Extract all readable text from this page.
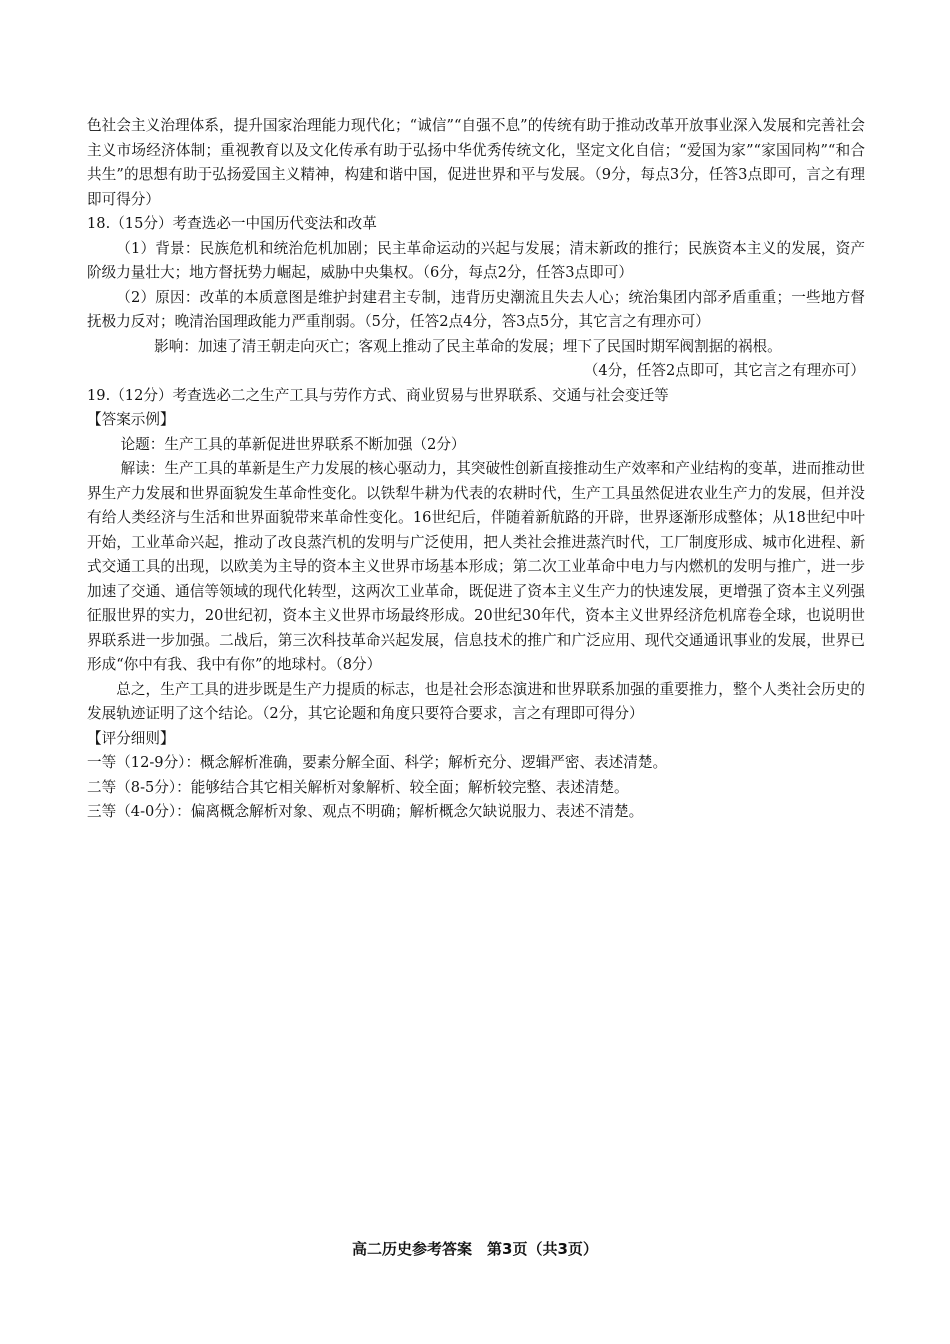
色社会主义治理体系，提升国家治理能力现代化；“诚信”“自强不息”的传统有助于推动改革开放事业深入发展和完善社会主义市场经济体制；重视教育以及文化传承有助于弘扬中华优秀传统文化，坚定文化自信；“爱国为家”“家国同构”“和合共生”的思想有助于弘扬爱国主义精神，构建和谐中国，促进世界和平与发展。（9分，每点3分，任答3点即可，言之有理即可得分）
18.（15分）考查选必一中国历代变法和改革
（1）背景：民族危机和统治危机加剧；民主革命运动的兴起与发展；清末新政的推行；民族资本主义的发展，资产阶级力量壮大；地方督抚势力崛起，威胁中央集权。（6分，每点2分，任答3点即可）
（2）原因：改革的本质意图是维护封建君主专制，违背历史潮流且失去人心；统治集团内部矛盾重重；一些地方督抚极力反对；晚清治国理政能力严重削弱。（5分，任答2点4分，答3点5分，其它言之有理亦可）
影响：加速了清王朝走向灭亡；客观上推动了民主革命的发展；埋下了民国时期军阀割据的祸根。
（4分，任答2点即可，其它言之有理亦可）
19.（12分）考查选必二之生产工具与劳作方式、商业贸易与世界联系、交通与社会变迁等
【答案示例】
论题：生产工具的革新促进世界联系不断加强（2分）
解读：生产工具的革新是生产力发展的核心驱动力，其突破性创新直接推动生产效率和产业结构的变革，进而推动世界生产力发展和世界面貌发生革命性变化。以铁犁牛耕为代表的农耕时代，生产工具虽然促进农业生产力的发展，但并没有给人类经济与生活和世界面貌带来革命性变化。16世纪后，伴随着新航路的开辟，世界逐渐形成整体；从18世纪中叶开始，工业革命兴起，推动了改良蒸汽机的发明与广泛使用，把人类社会推进蒸汽时代，工厂制度形成、城市化进程、新式交通工具的出现，以欧美为主导的资本主义世界市场基本形成；第二次工业革命中电力与内燃机的发明与推广，进一步加速了交通、通信等领域的现代化转型，这两次工业革命，既促进了资本主义生产力的快速发展，更增强了资本主义列强征服世界的实力，20世纪初，资本主义世界市场最终形成。20世纪30年代，资本主义世界经济危机席卷全球，也说明世界联系进一步加强。二战后，第三次科技革命兴起发展，信息技术的推广和广泛应用、现代交通通讯事业的发展，世界已形成“你中有我、我中有你”的地球村。（8分）
总之，生产工具的进步既是生产力提质的标志，也是社会形态演进和世界联系加强的重要推力，整个人类社会历史的发展轨迹证明了这个结论。（2分，其它论题和角度只要符合要求，言之有理即可得分）
【评分细则】
一等（12-9分）：概念解析准确，要素分解全面、科学；解析充分、逻辑严密、表述清楚。
二等（8-5分）：能够结合其它相关解析对象解析、较全面；解析较完整、表述清楚。
三等（4-0分）：偏离概念解析对象、观点不明确；解析概念欠缺说服力、表述不清楚。
高二历史参考答案　第3页（共3页）
